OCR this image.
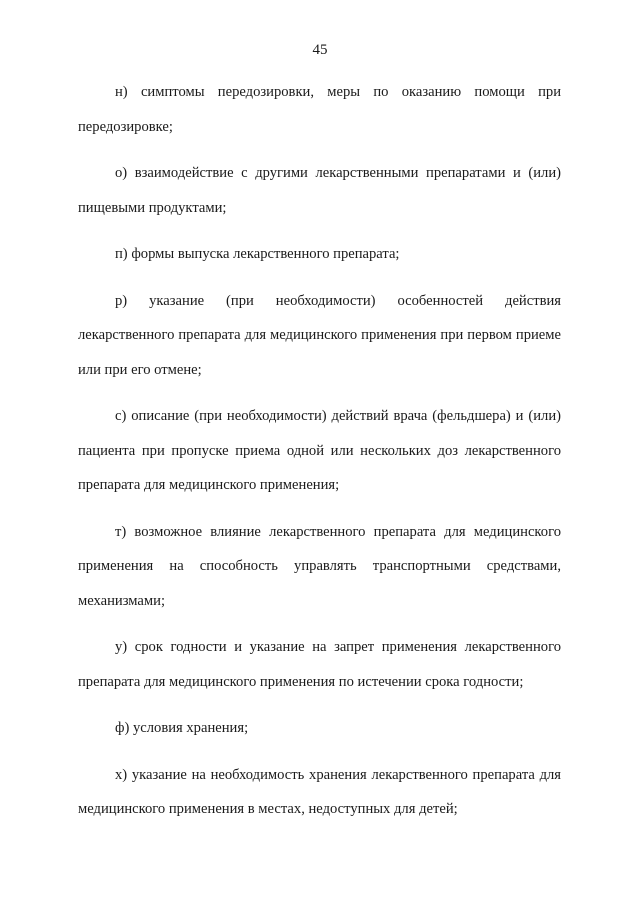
45

н) симптомы передозировки, меры по оказанию помощи при передозировке;

о) взаимодействие с другими лекарственными препаратами и (или) пищевыми продуктами;

п) формы выпуска лекарственного препарата;

р) указание (при необходимости) особенностей действия лекарственного препарата для медицинского применения при первом приеме или при его отмене;

с) описание (при необходимости) действий врача (фельдшера) и (или) пациента при пропуске приема одной или нескольких доз лекарственного препарата для медицинского применения;

т) возможное влияние лекарственного препарата для медицинского применения на способность управлять транспортными средствами, механизмами;

у) срок годности и указание на запрет применения лекарственного препарата для медицинского применения по истечении срока годности;

ф) условия хранения;

х) указание на необходимость хранения лекарственного препарата для медицинского применения в местах, недоступных для детей;
